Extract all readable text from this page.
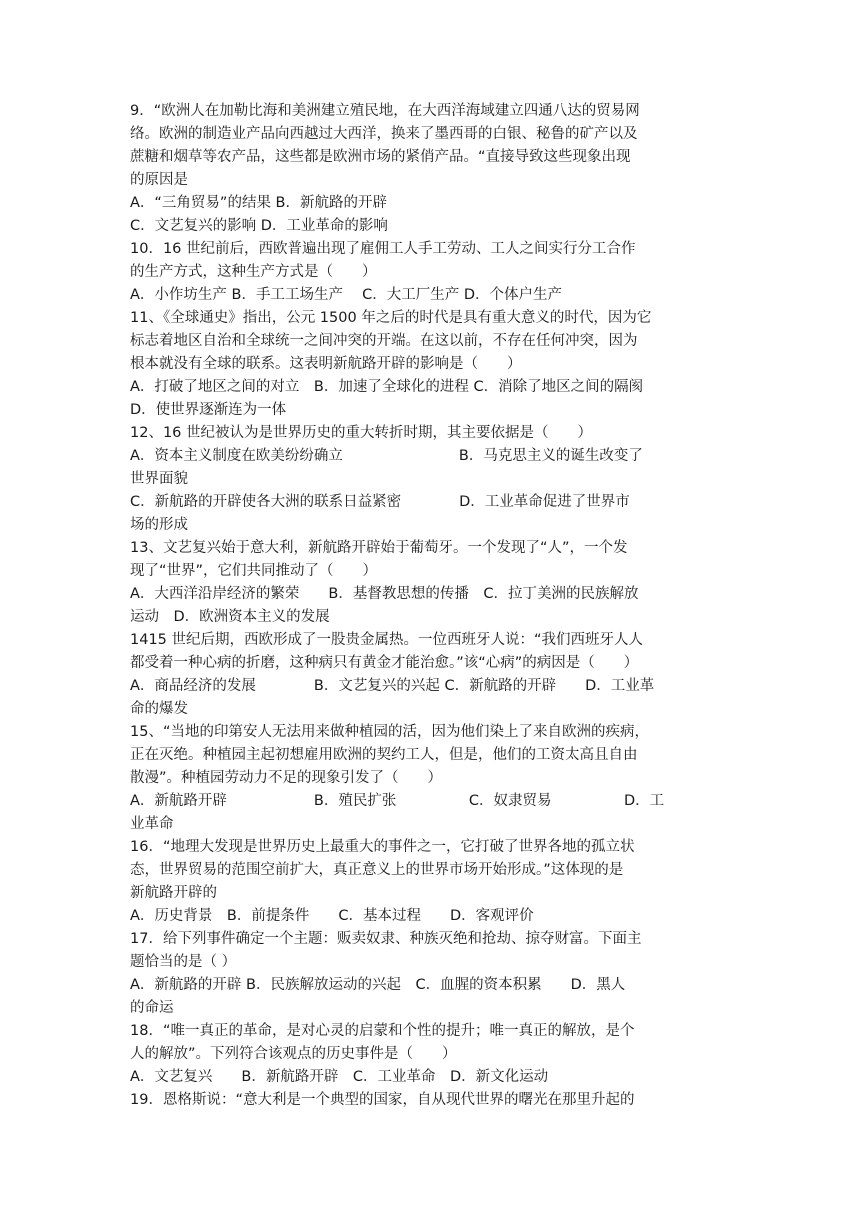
9．“欧洲人在加勒比海和美洲建立殖民地，在大西洋海域建立四通八达的贸易网
络。欧洲的制造业产品向西越过大西洋，换来了墨西哥的白银、秘鲁的矿产以及
蔗糖和烟草等农产品，这些都是欧洲市场的紧俏产品。“直接导致这些现象出现
的原因是
A．“三角贸易”的结果 B．新航路的开辟
C．文艺复兴的影响 D．工业革命的影响
10．16 世纪前后，西欧普遍出现了雇佣工人手工劳动、工人之间实行分工合作
的生产方式，这种生产方式是（　　）
A．小作坊生产 B．手工工场生产　 C．大工厂生产 D．个体户生产
11、《全球通史》指出，公元 1500 年之后的时代是具有重大意义的时代，因为它
标志着地区自治和全球统一之间冲突的开端。在这以前，不存在任何冲突，因为
根本就没有全球的联系。这表明新航路开辟的影响是（　　）
A．打破了地区之间的对立　B．加速了全球化的进程 C．消除了地区之间的隔阂
D．使世界逐渐连为一体
12、16 世纪被认为是世界历史的重大转折时期，其主要依据是（　　）
A．资本主义制度在欧美纷纷确立　　　　　　　　B．马克思主义的诞生改变了
世界面貌
C．新航路的开辟使各大洲的联系日益紧密　　　　D．工业革命促进了世界市
场的形成
13、文艺复兴始于意大利，新航路开辟始于葡萄牙。一个发现了“人”，一个发
现了“世界”，它们共同推动了（　　）
A．大西洋沿岸经济的繁荣　　B．基督教思想的传播　C．拉丁美洲的民族解放
运动　D．欧洲资本主义的发展
1415 世纪后期，西欧形成了一股贵金属热。一位西班牙人说：“我们西班牙人人
都受着一种心病的折磨，这种病只有黄金才能治愈。”该“心病”的病因是（　　）
A．商品经济的发展　　　　B．文艺复兴的兴起 C．新航路的开辟　　D．工业革
命的爆发
15、“当地的印第安人无法用来做种植园的活，因为他们染上了来自欧洲的疾病，
正在灭绝。种植园主起初想雇用欧洲的契约工人，但是，他们的工资太高且自由
散漫”。种植园劳动力不足的现象引发了（　　）
A．新航路开辟　　　　　　B．殖民扩张　　　　　C．奴隶贸易　　　　　D．工
业革命
16．“地理大发现是世界历史上最重大的事件之一，它打破了世界各地的孤立状
态，世界贸易的范围空前扩大，真正意义上的世界市场开始形成。”这体现的是
新航路开辟的
A．历史背景　B．前提条件　　C．基本过程　　D．客观评价
17．给下列事件确定一个主题：贩卖奴隶、种族灭绝和抢劫、掠夺财富。下面主
题恰当的是（ ）
A．新航路的开辟 B．民族解放运动的兴起　C．血腥的资本积累　　D．黑人
的命运
18．“唯一真正的革命，是对心灵的启蒙和个性的提升；唯一真正的解放，是个
人的解放”。下列符合该观点的历史事件是（　　）
A．文艺复兴　　B．新航路开辟　C．工业革命　D．新文化运动
19．恩格斯说：“意大利是一个典型的国家，自从现代世界的曙光在那里升起的
